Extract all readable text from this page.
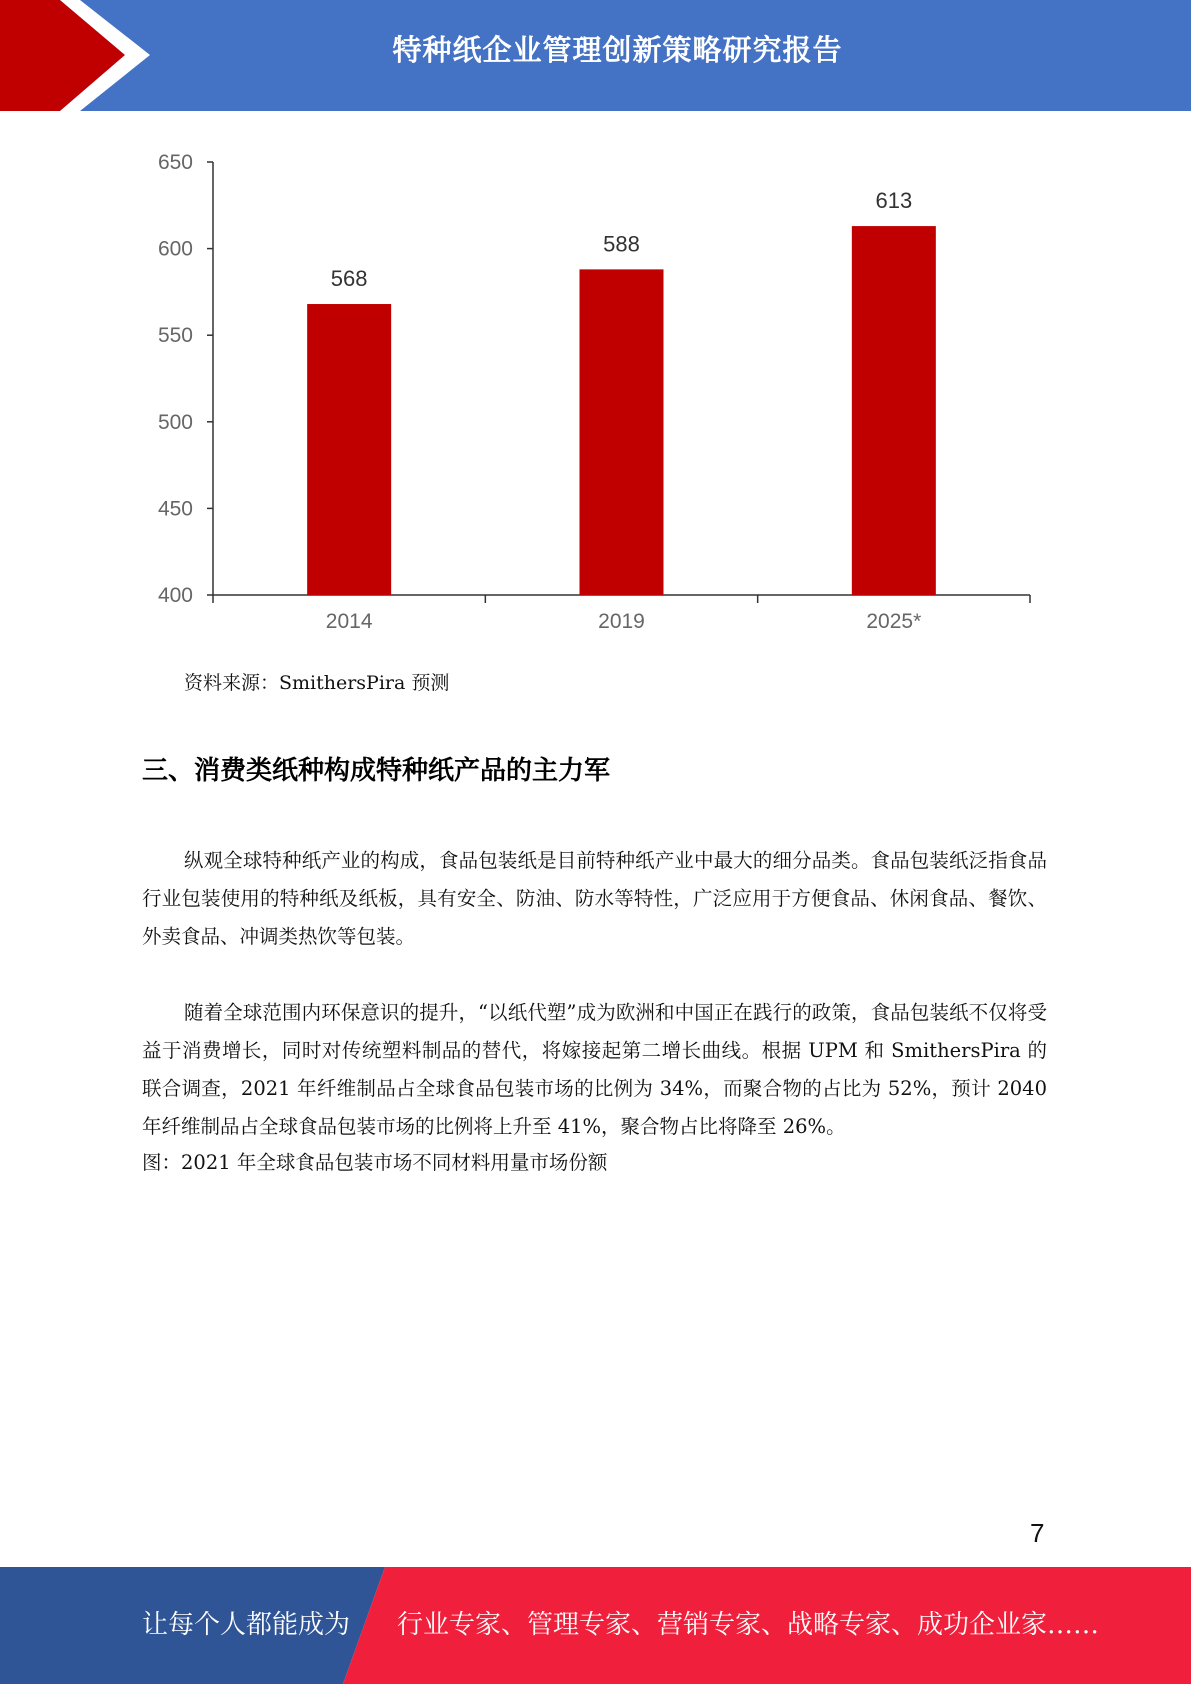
特种纸企业管理创新策略研究报告
400
450
500
550
600
650
568
2014
588
2019
613
2025*
资料来源：SmithersPira 预测
三、消费类纸种构成特种纸产品的主力军

纵观全球特种纸产业的构成，食品包装纸是目前特种纸产业中最大的细分品类。食品包装纸泛指食品行业包装使用的特种纸及纸板，具有安全、防油、防水等特性，广泛应用于方便食品、休闲食品、餐饮、外卖食品、冲调类热饮等包装。

随着全球范围内环保意识的提升，“以纸代塑”成为欧洲和中国正在践行的政策，食品包装纸不仅将受益于消费增长，同时对传统塑料制品的替代，将嫁接起第二增长曲线。根据 UPM 和 SmithersPira 的联合调查，2021 年纤维制品占全球食品包装市场的比例为 34%，而聚合物的占比为 52%，预计 2040 年纤维制品占全球食品包装市场的比例将上升至 41%，聚合物占比将降至 26%。

图：2021 年全球食品包装市场不同材料用量市场份额
7
让每个人都能成为 行业专家、管理专家、营销专家、战略专家、成功企业家……
